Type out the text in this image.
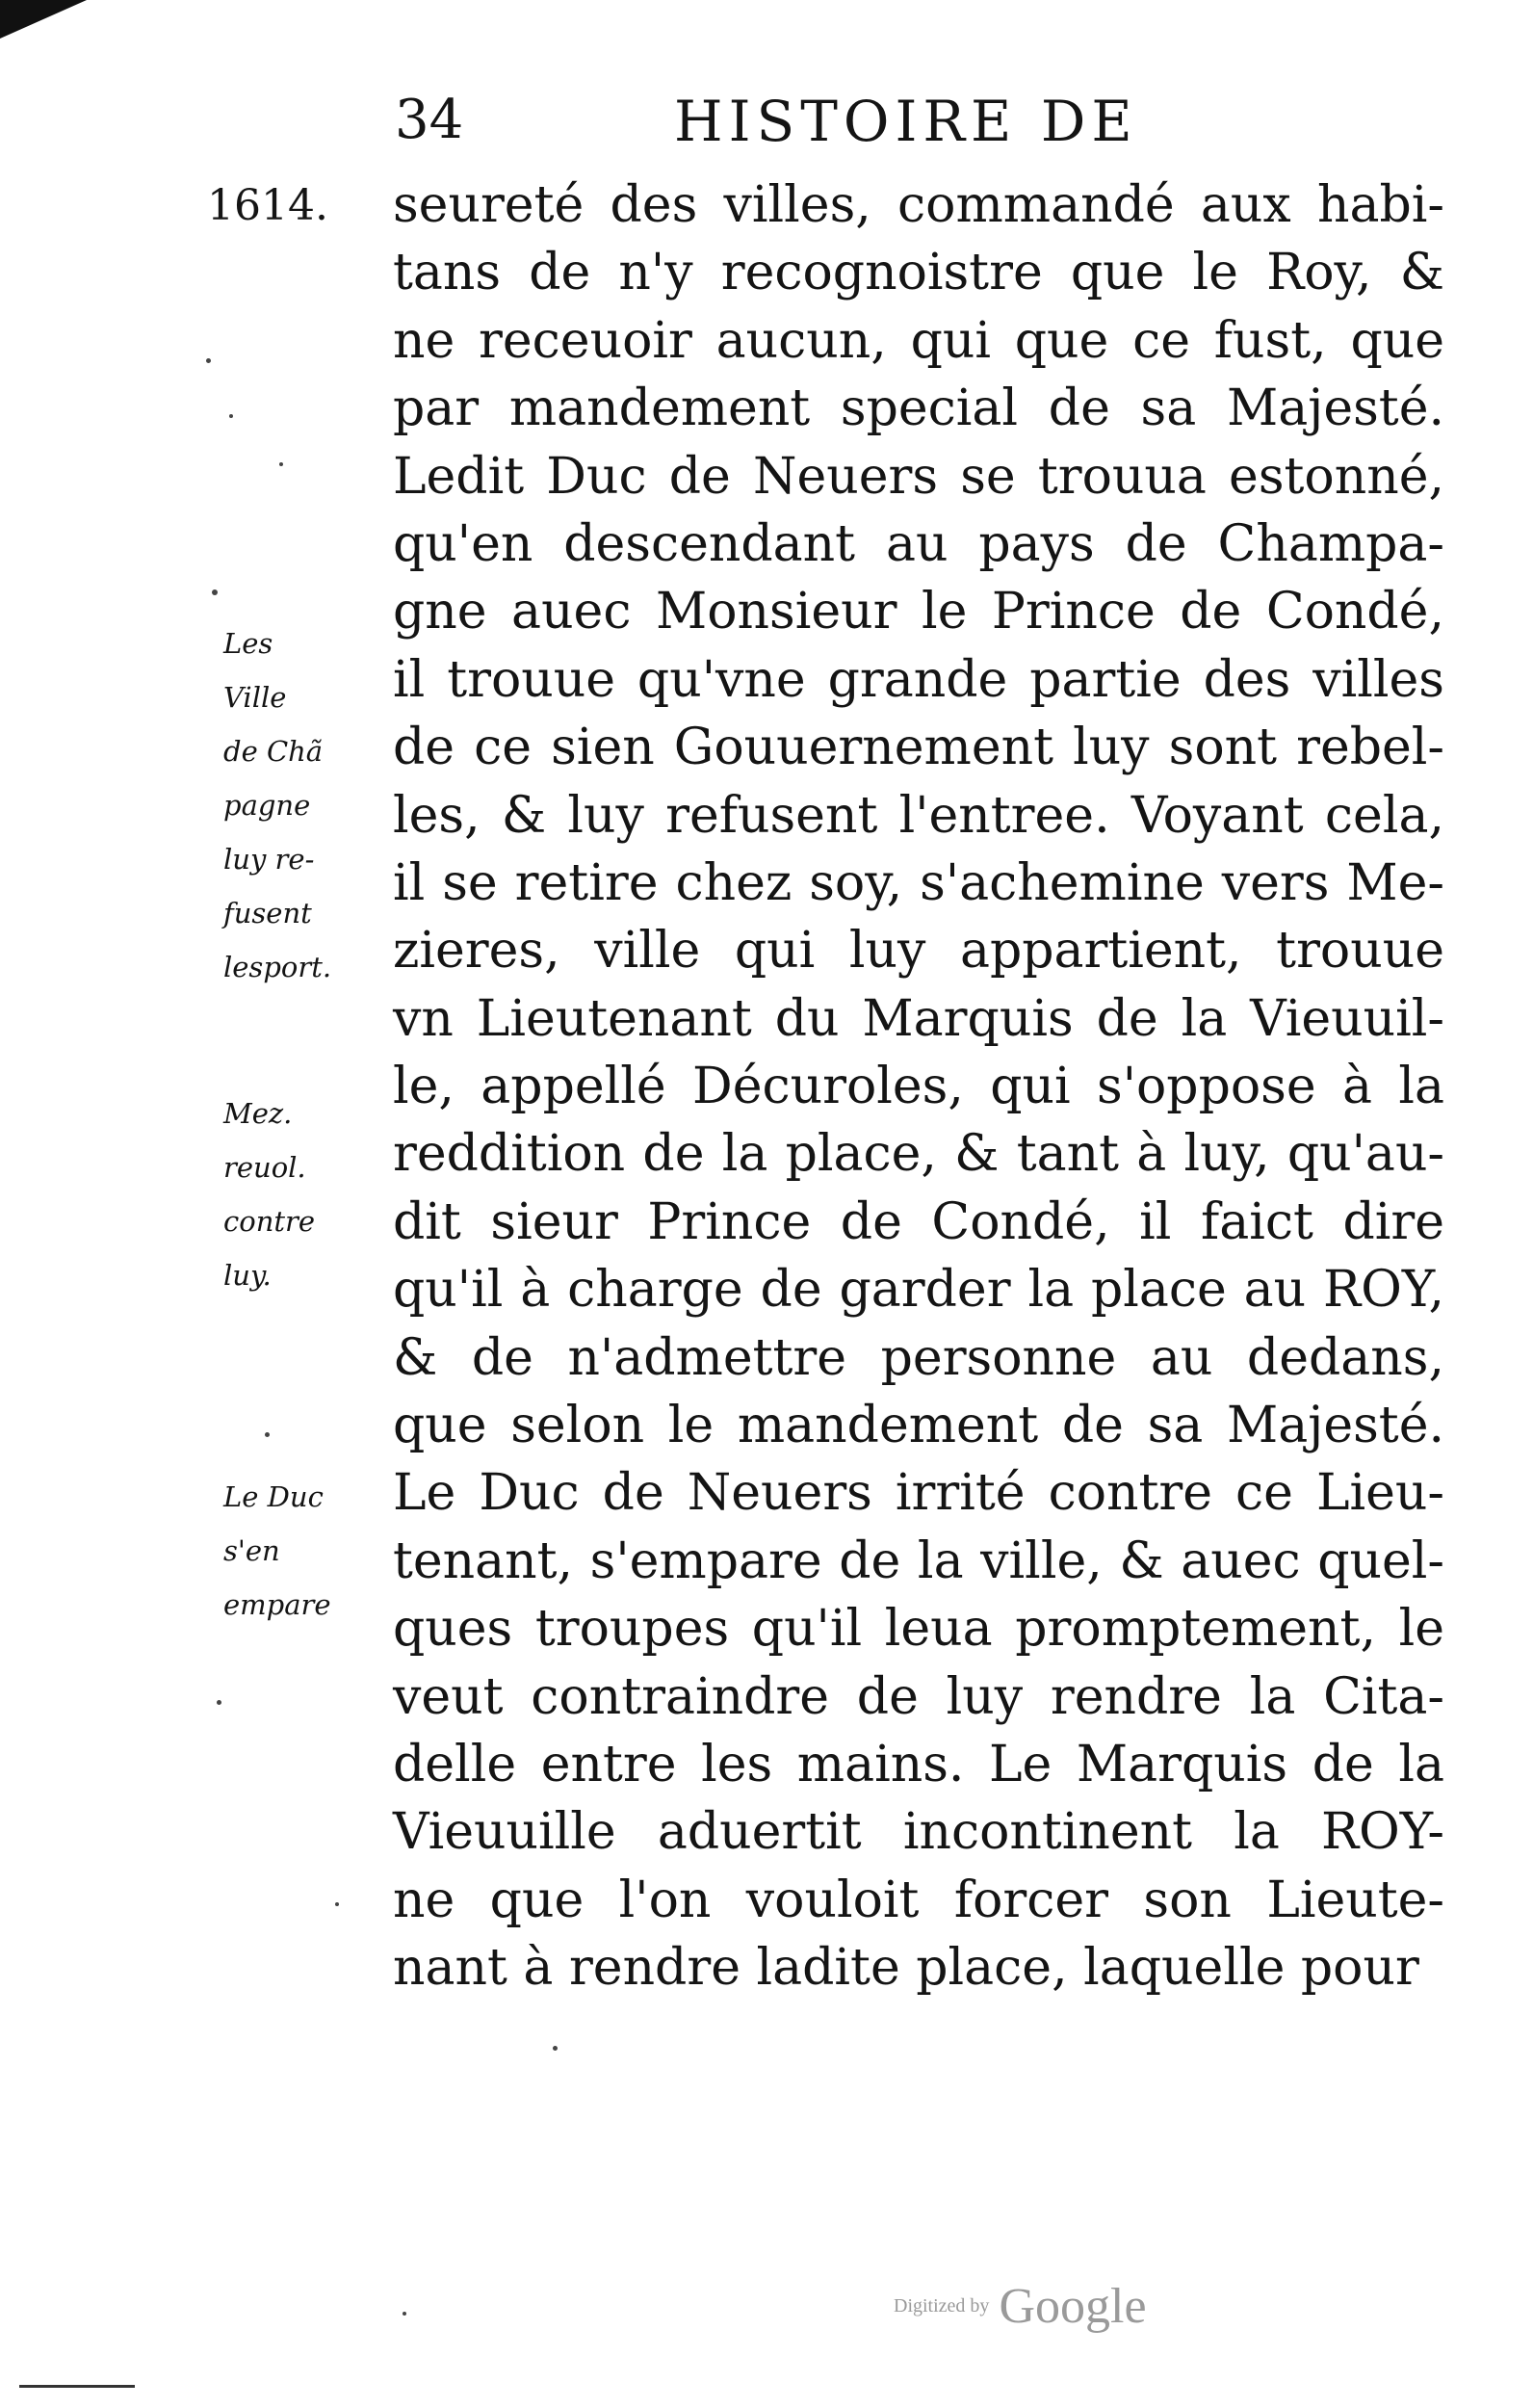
34	HISTOIRE DE
1614. seureté des villes, commandé aux habi-
tans de n'y recognoistre que le Roy, &
ne receuoir aucun, qui que ce fust, que
par mandement special de sa Majesté.
Ledit Duc de Neuers se trouua estonné,
qu'en descendant au pays de Champa-
gne auec Monsieur le Prince de Condé,
il trouue qu'vne grande partie des villes
de ce sien Gouuernement luy sont rebel-
les, & luy refusent l'entree. Voyant cela,
il se retire chez soy, s'achemine vers Me-
zieres, ville qui luy appartient, trouue
vn Lieutenant du Marquis de la Vieuuil-
le, appellé Décuroles, qui s'oppose à la
reddition de la place, & tant à luy, qu'au-
dit sieur Prince de Condé, il faict dire
qu'il à charge de garder la place au ROY,
& de n'admettre personne au dedans,
que selon le mandement de sa Majesté.
Le Duc de Neuers irrité contre ce Lieu-
tenant, s'empare de la ville, & auec quel-
ques troupes qu'il leua promptement, le
veut contraindre de luy rendre la Cita-
delle entre les mains. Le Marquis de la
Vieuuille aduertit incontinent la ROY-
ne que l'on vouloit forcer son Lieute-
nant à rendre ladite place, laquelle pour
Les
Ville
de Chã
pagne
luy re-
fusent
lesport.
Mez.
reuol.
contre
luy.
Le Duc
s'en
empare
Digitized by Google
